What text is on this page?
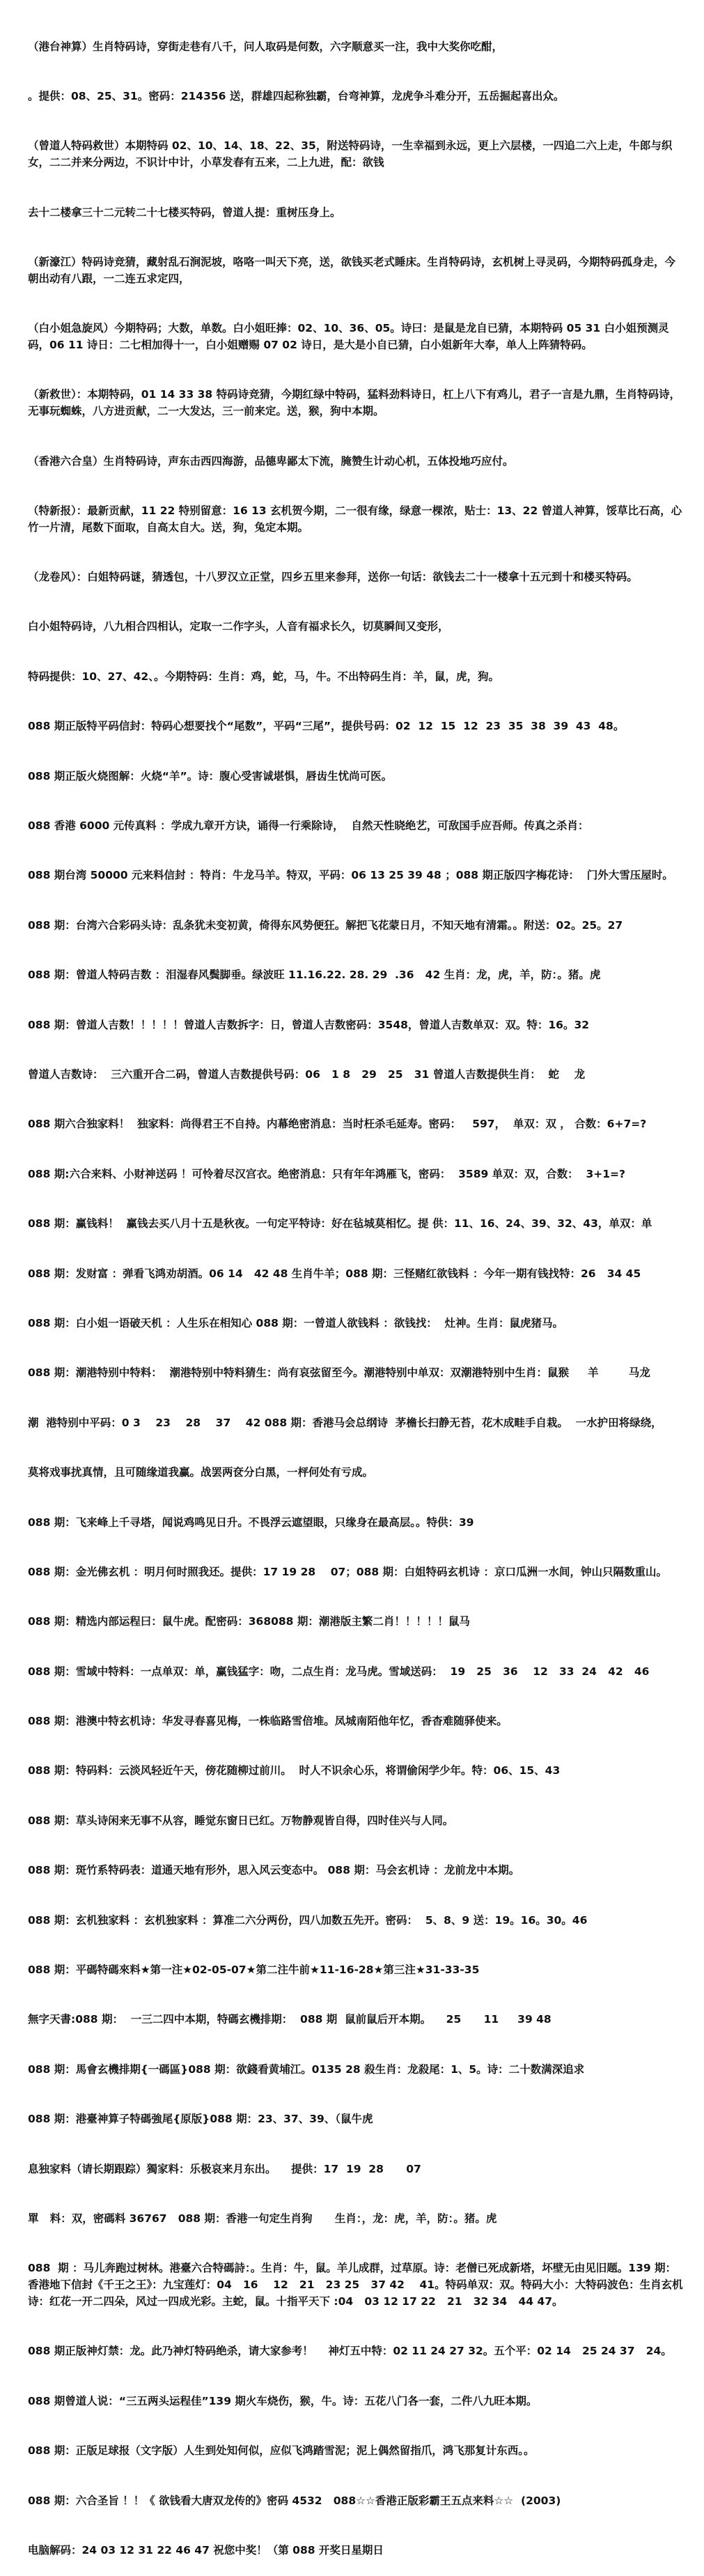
（港台神算）生肖特码诗，穿街走巷有八千，问人取码是何数，六字顺意买一注，我中大奖你吃酣，

。提供：08、25、31。密码：214356 送，群雄四起称独霸，台弯神算，龙虎争斗难分开，五岳掘起喜出众。

（曾道人特码救世）本期特码 02、10、14、18、22、35，附送特码诗，一生幸福到永远，更上六层楼，一四追二六上走，牛郎与织女，二二并来分两边，不识计中计，小草发春有五来，二上九进，配：欲钱

去十二楼拿三十二元转二十七楼买特码，曾道人提：重树压身上。

（新濠江）特码诗竞猜，藏射乱石涧泥坡，咯咯一叫天下亮，送，欲钱买老式睡床。生肖特码诗，玄机树上寻灵码，今期特码孤身走，今朝出动有八跟，一二连五求定四，

（白小姐急旋风）今期特码；大数，单数。白小姐旺捧：02、10、36、05。诗曰：是鼠是龙自已猜，本期特码 05 31 白小姐预测灵码，06 11 诗日：二七相加得十一，白小姐赠赐 07 02 诗日，是大是小自已猜，白小姐新年大奉，单人上阵猜特码。

（新救世）：本期特码，01 14 33 38 特码诗竞猜，今期红绿中特码，猛料劲料诗日，杠上八下有鸡儿，君子一言是九鼎，生肖特码诗，无事玩蜘蛛，八方进贡献，二一大发达，三一前来定。送，猴，狗中本期。

（香港六合皇）生肖特码诗，声东击西四海游，品德卑鄙太下流，腌赞生计动心机，五体投地巧应付。

（特新报）：最新贡献，11 22 特别留意：16 13 玄机贺今期，二一很有缘，绿意一棵浓，贴士：13、22 曾道人神算，馁草比石高，心竹一片清，尾数下面取，自高太自大。送，狗，兔定本期。

（龙卷风）：白姐特码谜，猜透包，十八罗汉立正堂，四乡五里来参拜，送你一句话：欲钱去二十一楼拿十五元到十和楼买特码。

白小姐特码诗，八九相合四相认，定取一二作字头，人音有福求长久，切莫瞬间又变形，

特码提供：10、27、42、。今期特码：生肖：鸡，蛇，马，牛。不出特码生肖：羊，鼠，虎，狗。

088 期正版特平码信封：特码心想要找个“尾数”，平码“三尾”，提供号码：02  12  15  12  23  35  38  39  43  48。

088 期正版火烧图解：火烧“羊”。诗：腹心受害诚堪惧，唇齿生忧尚可医。

088 香港 6000 元传真料 ：学成九章开方诀，诵得一行乘除诗，  自然天性晓绝艺，可敌国手应吾师。传真之杀肖：

088 期台湾 50000 元来料信封 ：特肖：牛龙马羊。特双，平码：06 13 25 39 48 ；088 期正版四字梅花诗：  门外大雪压屋时。

088 期：台湾六合彩码头诗：乱条犹未变初黄，倚得东风势便狂。解把飞花蒙日月，不知天地有清霜。。附送：02。25。27

088 期：曾道人特码吉数 ：泪湿春风鬓脚垂。绿波旺 11.16.22. 28. 29  .36   42 生肖：龙，虎，羊，防：。猪。虎

088 期：曾道人吉数！！！！！曾道人吉数拆字：日，曾道人吉数密码：3548，曾道人吉数单双：双。特：16。32

曾道人吉数诗：  三六重开合二码，曾道人吉数提供号码：06   1 8   29   25   31 曾道人吉数提供生肖：  蛇    龙

088 期六合独家料！  独家料：尚得君王不自持。内幕绝密消息：当时枉杀毛延寿。密码：   597，  单双：双 ， 合数：6+7=?

088 期:六合来料、小财神送码 ！可怜着尽汉宫衣。绝密消息：只有年年鸿雁飞，密码：  3589 单双：双，合数：  3+1=?

088 期：赢钱料！  赢钱去买八月十五是秋夜。一句定平特诗：好在毡城莫相忆。提 供：11、16、24、39、32、43，单双：单

088 期：发财富 ：弹看飞鸿劝胡酒。06 14   42 48 生肖牛羊；088 期：三怪赌红欲钱料 ：今年一期有钱找特：26   34 45

088 期：白小姐一语破天机 ：人生乐在相知心 088 期：一曾道人欲钱料 ：欲钱找：  灶神。生肖：鼠虎猪马。

088 期：潮港特别中特料：  潮港特别中特料猜生：尚有哀弦留至今。潮港特别中单双：双潮港特别中生肖：鼠猴     羊        马龙

潮  港特别中平码：0 3    23    28    37    42 088 期：香港马会总纲诗  茅檐长扫静无苔，花木成畦手自栽。  一水护田将绿绕，

莫将戏事扰真情，且可随缘道我赢。战罢两奁分白黑，一枰何处有亏成。

088 期：飞来峰上千寻塔，闻说鸡鸣见日升。不畏浮云遮望眼，只缘身在最高层。。特供：39

088 期：金光佛玄机 ：明月何时照我还。提供：17 19 28    07；088 期：白姐特码玄机诗 ：京口瓜洲一水间，钟山只隔数重山。

088 期：精选内部运程曰：鼠牛虎。配密码：368088 期：潮港版主繁二肖！！！！！鼠马

088 期：雪域中特料：一点单双：单，赢钱猛字：吻，二点生肖：龙马虎。雪域送码：  19   25   36    12   33  24   42   46

088 期：港澳中特玄机诗：华发寻春喜见梅，一株临路雪倍堆。凤城南陌他年忆，香杳难随驿使来。

088 期：特码料：云淡风轻近午天，傍花随柳过前川。  时人不识余心乐，将谓偷闲学少年。特：06、15、43

088 期：草头诗闲来无事不从容，睡觉东窗日已红。万物静观皆自得，四时佳兴与人同。

088 期：斑竹系特码表：道通天地有形外，思入风云变态中。 088 期：马会玄机诗 ：龙前龙中本期。

088 期：玄机独家料 ：玄机独家料 ：算准二六分两份，四八加数五先开。密码：  5、8、9 送：19。16。30。46

088 期：平碼特碼來料★第一注★02-05-07★第二注牛前★11-16-28★第三注★31-33-35

無字天書:088 期：  一三二四中本期，特碼玄機排期：  088 期  鼠前鼠后开本期。    25      11     39 48

088 期：馬會玄機排期{一碼區}088 期：欲錢看黄埔江。0135 28 殺生肖：龙殺尾：1、5。诗：二十数满深追求

088 期：港臺神算子特碼強尾{原版}088 期：23、37、39、（鼠牛虎

息独家料（请长期跟踪）獨家料：乐极哀来月东出。    提供：17  19  28      07

單   料：双，密碼料 36767   088 期：香港一句定生肖狗      生肖：，龙：虎，羊，防：。猪。虎

088  期 ：马儿奔跑过树林。港臺六合特碼詩：。生肖：牛，鼠。羊儿成群，过草原。诗：老僧已死成新塔，坏壁无由见旧题。139 期：香港地下信封《千王之王》：九宝莲灯：04   16    12   21   23 25   37 42    41。特码单双：双。特码大小：大特码波色：生肖玄机诗：红花一开二四朵，风过一四成光彩。主蛇，鼠。十指平天下 :04   03 12 17 22   21   32 34   44 47。

088 期正版神灯禁：龙。此乃神灯特码绝杀，请大家参考！    神灯五中特：02 11 24 27 32。五个平：02 14   25 24 37   24。

088 期曾道人说：“三五两头运程佳”139 期火车烧伤，猴，牛。诗：五花八门各一套，二件八九旺本期。

088 期：正版足球报（文字版）人生到处知何似，应似飞鸿踏雪泥；泥上偶然留指爪，鸿飞那复计东西。。

088 期：六合圣旨 ！！《 欲钱看大唐双龙传的》密码 4532   088☆☆香港正版彩霸王五点来料☆☆  (2003)

电脑解码：24 03 12 31 22 46 47 祝您中奖！（第 088 开奖日星期日
